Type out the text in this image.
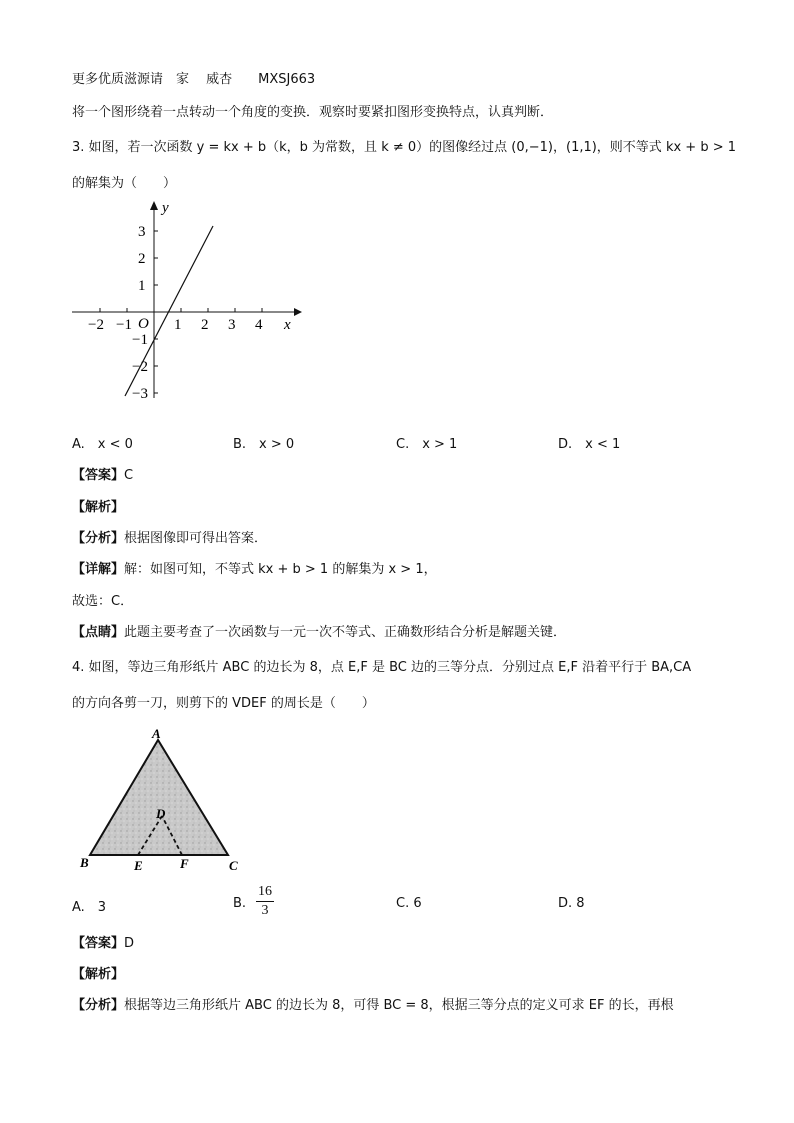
更多优质滋源请　家　 威杏　　MXSJ663
将一个图形绕着一点转动一个角度的变换．观察时要紧扣图形变换特点，认真判断．
3. 如图，若一次函数 y = kx + b（k，b 为常数，且 k ≠ 0）的图像经过点 (0,−1)，(1,1)，则不等式 kx + b > 1
的解集为（　　）
−2 −1	1 2 3 4
3
2
1
−1
−2
−3
O	x
y
A.　x < 0	B.　x > 0	C.　x > 1	D.　x < 1
【答案】C
【解析】
【分析】根据图像即可得出答案．
【详解】解：如图可知，不等式 kx + b > 1 的解集为 x > 1，
故选：C．
【点睛】此题主要考查了一次函数与一元一次不等式、正确数形结合分析是解题关键．
4. 如图，等边三角形纸片 ABC 的边长为 8，点 E,F 是 BC 边的三等分点．分别过点 E,F 沿着平行于 BA,CA
的方向各剪一刀，则剪下的 VDEF 的周长是（　　）
A
B	C
D
E	F
A.　3	B.
16
3	C. 6	D. 8
【答案】D
【解析】
【分析】根据等边三角形纸片 ABC 的边长为 8，可得 BC = 8，根据三等分点的定义可求 EF 的长，再根
